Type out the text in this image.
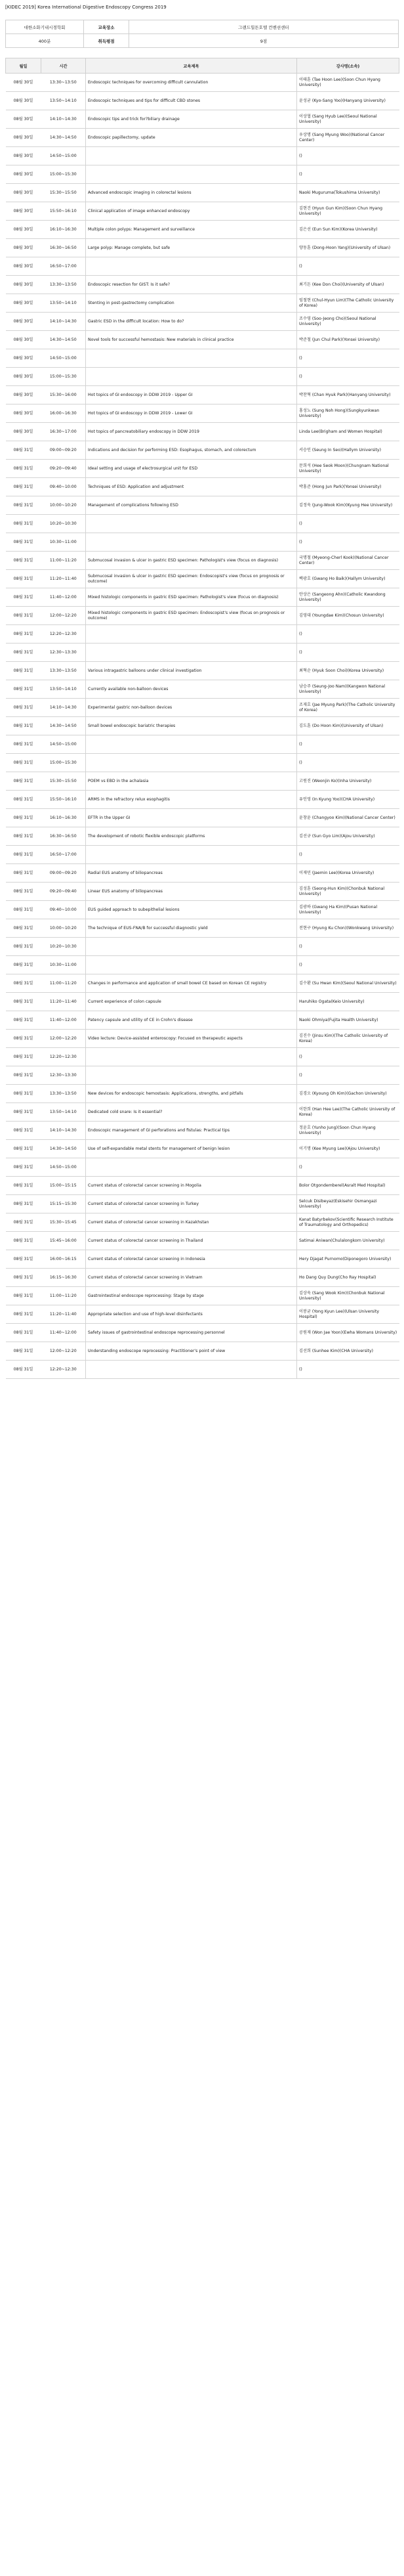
[KIDEC 2019] Korea International Digestive Endoscopy Congress 2019
대한소화기내시경학회	교육장소	그랜드힐튼호텔 컨벤션센터
400분	취득평점	9점
월일	시간	교육제목	강사명(소속)
08월 30일	13:30~13:50	Endoscopic techniques for overcoming difficult cannulation	이태훈 (Tae Hoon Lee)(Soon Chun Hyang University)
08월 30일	13:50~14:10	Endoscopic techniques and tips for difficult CBD stones	윤성균 (Kyo-Sang Yoo)(Hanyang University)
08월 30일	14:10~14:30	Endoscopic tips and trick for?biliary drainage	이상협 (Sang Hyub Lee)(Seoul National University)
08월 30일	14:30~14:50	Endoscopic papillectomy, update	우상명 (Sang Myung Woo)(National Cancer Center)
08월 30일	14:50~15:00		()
08월 30일	15:00~15:30		()
08월 30일	15:30~15:50	Advanced endoscopic imaging in colorectal lesions	Naoki Muguruma(Tokushima University)
08월 30일	15:50~16:10	Clinical application of image enhanced endoscopy	김현건 (Hyun Gun Kim)(Soon Chun Hyang University)
08월 30일	16:10~16:30	Multiple colon polyps: Management and surveillance	김은선 (Eun Sun Kim)(Korea University)
08월 30일	16:30~16:50	Large polyp: Manage complete, but safe	양동훈 (Dong-Hoon Yang)(University of Ulsan)
08월 30일	16:50~17:00		()
08월 30일	13:30~13:50	Endoscopic resection for GIST: Is it safe?	최기돈 (Kee Don Choi)(University of Ulsan)
08월 30일	13:50~14:10	Stenting in post-gastrectomy complication	임철현 (Chul-Hyun Lim)(The Catholic University of Korea)
08월 30일	14:10~14:30	Gastric ESD in the difficult location: How to do?	조수영 (Soo-Jeong Cho)(Seoul National University)
08월 30일	14:30~14:50	Novel tools for successful hemostasis: New materials in clinical practice	박준철 (Jun Chul Park)(Yonsei University)
08월 30일	14:50~15:00		()
08월 30일	15:00~15:30		()
08월 30일	15:30~16:00	Hot topics of GI endoscopy in DDW 2019 - Upper GI	박찬혁 (Chan Hyuk Park)(Hanyang University)
08월 30일	16:00~16:30	Hot topics of GI endoscopy in DDW 2019 - Lower GI	홍성노 (Sung Noh Hong)(Sungkyunkwan University)
08월 30일	16:30~17:00	Hot topics of pancreatobiliary endoscopy in DDW 2019	Linda Lee(Brigham and Women Hospital)
08월 31일	09:00~09:20	Indications and decision for performing ESD: Esophagus, stomach, and colorectum	서승인 (Seung In Seo)(Hallym University)
08월 31일	09:20~09:40	Ideal setting and usage of electrosurgical unit for ESD	문희석 (Hee Seok Moon)(Chungnam National University)
08월 31일	09:40~10:00	Techniques of ESD: Application and adjustment	박홍준 (Hong Jun Park)(Yonsei University)
08월 31일	10:00~10:20	Management of complications following ESD	김정욱 (Jung-Wook Kim)(Kyung Hee University)
08월 31일	10:20~10:30		()
08월 31일	10:30~11:00		()
08월 31일	11:00~11:20	Submucosal invasion & ulcer in gastric ESD specimen: Pathologist's view (focus on diagnosis)	국명철 (Myeong-Cherl Kook)(National Cancer Center)
08월 31일	11:20~11:40	Submucosal invasion & ulcer in gastric ESD specimen: Endoscopist's view (focus on prognosis or outcome)	백광호 (Gwang Ho Baik)(Hallym University)
08월 31일	11:40~12:00	Mixed histologic components in gastric ESD specimen: Pathologist's view (focus on diagnosis)	안상은 (Sangeong Ahn)(Catholic Kwandong University)
08월 31일	12:00~12:20	Mixed histologic components in gastric ESD specimen: Endoscopist's view (focus on prognosis or outcome)	김영대 (Youngdae Kim)(Chosun University)
08월 31일	12:20~12:30		()
08월 31일	12:30~13:30		()
08월 31일	13:30~13:50	Various intragastric balloons under clinical investigation	최혁순 (Hyuk Soon Choi)(Korea University)
08월 31일	13:50~14:10	Currently available non-balloon devices	남승주 (Seung-Joo Nam)(Kangwon National University)
08월 31일	14:10~14:30	Experimental gastric non-balloon devices	조재호 (Jae Myung Park)(The Catholic University of Korea)
08월 31일	14:30~14:50	Small bowel endoscopic bariatric therapies	김도훈 (Do Hoon Kim)(University of Ulsan)
08월 31일	14:50~15:00		()
08월 31일	15:00~15:30		()
08월 31일	15:30~15:50	POEM vs EBD in the achalasia	고원진 (Weonjin Ko)(Inha University)
08월 31일	15:50~16:10	ARMS in the refractory relux esophagitis	유인영 (In Kyung Yoo)(CHA University)
08월 31일	16:10~16:30	EFTR in the Upper GI	윤창윤 (Changyoo Kim)(National Cancer Center)
08월 31일	16:30~16:50	The development of robotic flexible endoscopic platforms	김선규 (Sun Gyo Lim)(Ajou University)
08월 31일	16:50~17:00		()
08월 31일	09:00~09:20	Radial EUS anatomy of biliopancreas	이재민 (Jaemin Lee)(Korea University)
08월 31일	09:20~09:40	Linear EUS anatomy of biliopancreas	김성훈 (Seong-Hun Kim)(Chonbuk National University)
08월 31일	09:40~10:00	EUS guided approach to subepithelial lesions	김광하 (Gwang Ha Kim)(Pusan National University)
08월 31일	10:00~10:20	The technique of EUS-FNA/B for successful diagnostic yield	전현구 (Hyung Ku Chon)(Wonkwang University)
08월 31일	10:20~10:30		()
08월 31일	10:30~11:00		()
08월 31일	11:00~11:20	Changes in performance and application of small bowel CE based on Korean CE registry	김수환 (Su Hwan Kim)(Seoul National University)
08월 31일	11:20~11:40	Current experience of colon capsule	Haruhiko Ogata(Keio University)
08월 31일	11:40~12:00	Patency capsule and utility of CE in Crohn's disease	Naoki Ohmiya(Fujita Health University)
08월 31일	12:00~12:20	Video lecture: Device-assisted enteroscopy: Focused on therapeutic aspects	김진수 (Jinsu Kim)(The Catholic University of Korea)
08월 31일	12:20~12:30		()
08월 31일	12:30~13:30		()
08월 31일	13:30~13:50	New devices for endoscopic hemostasis: Applications, strengths, and pitfalls	김경오 (Kyoung Oh Kim)(Gachon University)
08월 31일	13:50~14:10	Dedicated cold snare: Is it essential?	이한희 (Han Hee Lee)(The Catholic University of Korea)
08월 31일	14:10~14:30	Endoscopic management of GI perforations and fistulas: Practical tips	정윤호 (Yunho Jung)(Soon Chun Hyang University)
08월 31일	14:30~14:50	Use of self-expandable metal stents for management of benign lesion	이기명 (Kee Myung Lee)(Ajou University)
08월 31일	14:50~15:00		()
08월 31일	15:00~15:15	Current status of colorectal cancer screening in Mogolia	Bolor Otgondemberel(Asralt Med Hospital)
08월 31일	15:15~15:30	Current status of colorectal cancer screening in Turkey	Selcuk Disibeyaz(Eskisehir Osmangazi University)
08월 31일	15:30~15:45	Current status of colorectal cancer screening in Kazakhstan	Kanat Batyrbekov(Scientific Research Institute of Traumatology and Orthopedics)
08월 31일	15:45~16:00	Current status of colorectal cancer screening in Thailand	Satimai Aniwan(Chulalongkorn University)
08월 31일	16:00~16:15	Current status of colorectal cancer screening in Indonesia	Hery Djagat Purnomo(Diponegoro University)
08월 31일	16:15~16:30	Current status of colorectal cancer screening in Vietnam	Ho Dang Quy Dung(Cho Ray Hospital)
08월 31일	11:00~11:20	Gastrointestinal endoscope reprocessing: Stage by stage	김상욱 (Sang Wook Kim)(Chonbuk National University)
08월 31일	11:20~11:40	Appropriate selection and use of high-level disinfectants	이봉균 (Yong Kyun Lee)(Ulsan University Hospital)
08월 31일	11:40~12:00	Safety issues of gastrointestinal endoscope reprocessing personnel	공원재 (Won Jae Yoon)(Ewha Womans University)
08월 31일	12:00~12:20	Understanding endoscope reprocessing: Practitioner's point of view	김선희 (Sunhee Kim)(CHA University)
08월 31일	12:20~12:30		()
